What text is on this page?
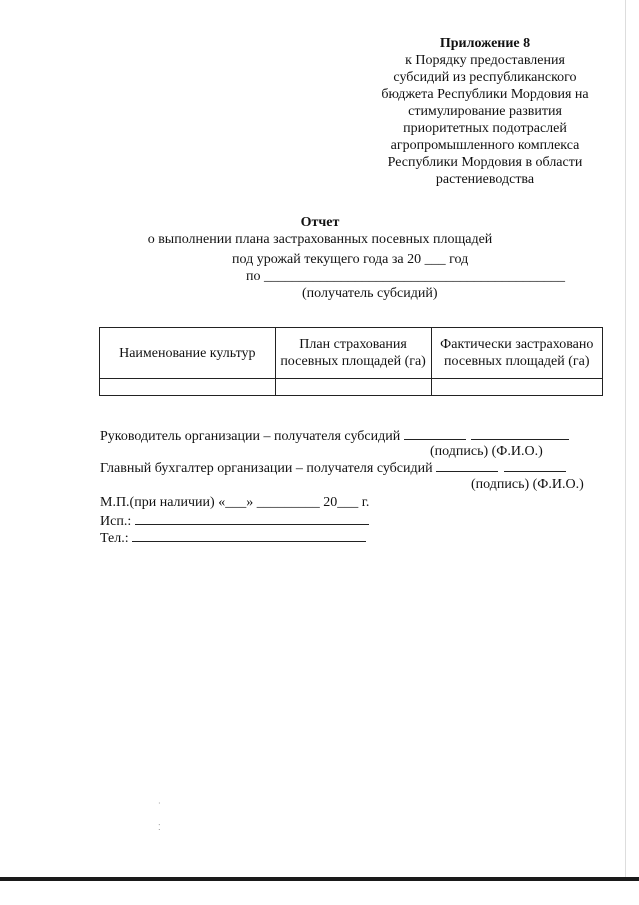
Приложение 8
к Порядку предоставления
субсидий из республиканского
бюджета Республики Мордовия на
стимулирование развития
приоритетных подотраслей
агропромышленного комплекса
Республики Мордовия в области
растениеводства
Отчет
о выполнении плана застрахованных посевных площадей
под урожай текущего года за 20 ___ год
по ___________________________________________
(получатель субсидий)
Наименование культур	План страхования посевных площадей (га)	Фактически застраховано посевных площадей (га)

Руководитель организации – получателя субсидий
(подпись) (Ф.И.О.)
Главный бухгалтер организации – получателя субсидий
(подпись) (Ф.И.О.)
М.П.(при наличии) «___» _________ 20___ г.
Исп.:
Тел.:
·

⁚
